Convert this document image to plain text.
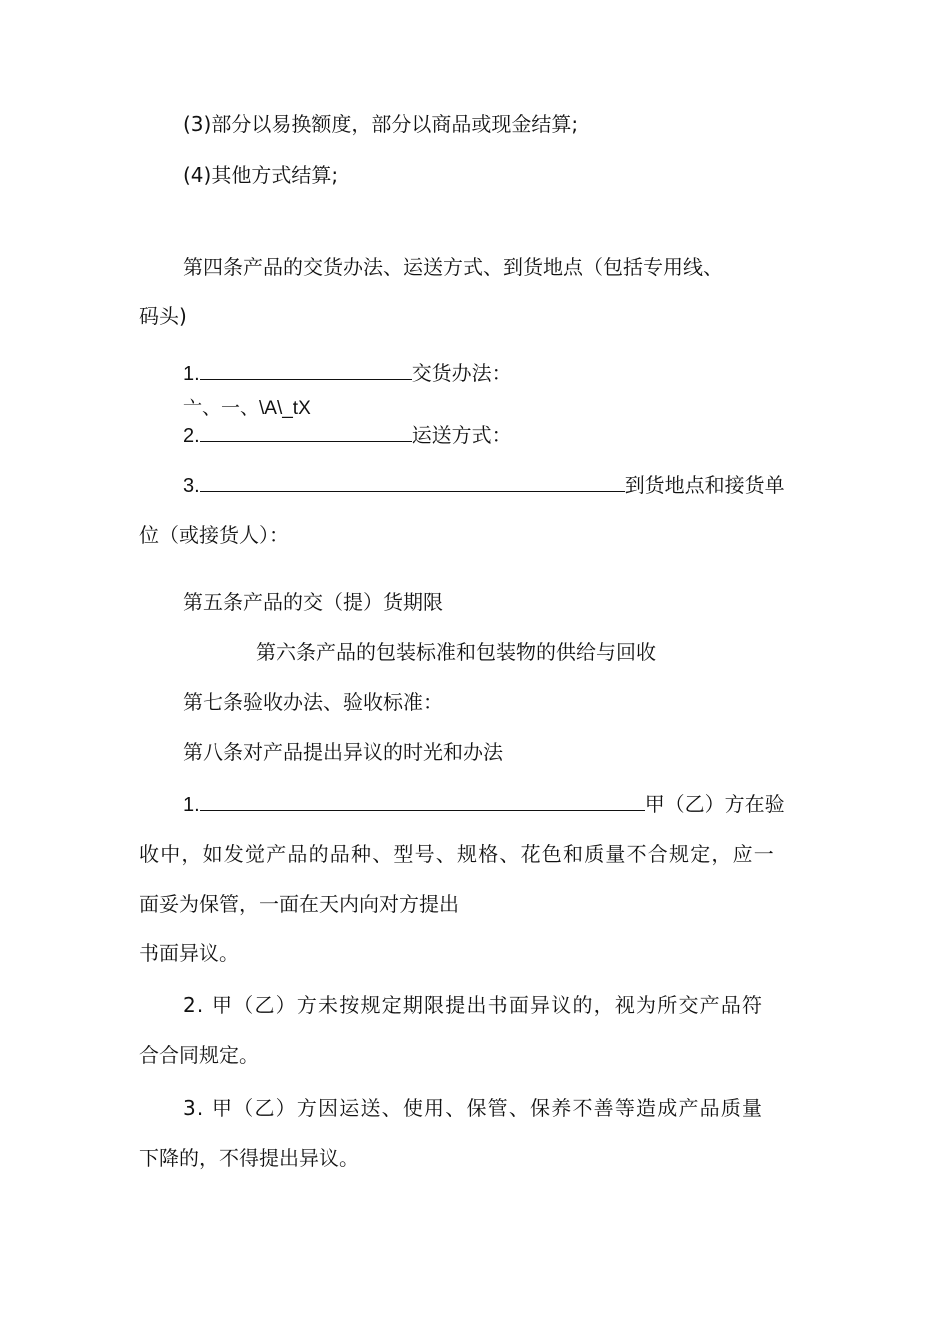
(3)部分以易换额度，部分以商品或现金结算;
(4)其他方式结算;
第四条产品的交货办法、运送方式、到货地点（包括专用线、
码头)
1.	交货办法：
亠、一、\A\_tX
2.	运送方式：
3.	到货地点和接货单
位（或接货人）：
第五条产品的交（提）货期限
第六条产品的包装标准和包装物的供给与回收
第七条验收办法、验收标准：
第八条对产品提出异议的时光和办法
1.	甲（乙）方在验
收中，如发觉产品的品种、型号、规格、花色和质量不合规定，应一
面妥为保管，一面在天内向对方提出
书面异议。
2. 甲（乙）方未按规定期限提出书面异议的，视为所交产品符
合合同规定。
3. 甲（乙）方因运送、使用、保管、保养不善等造成产品质量
下降的，不得提出异议。
